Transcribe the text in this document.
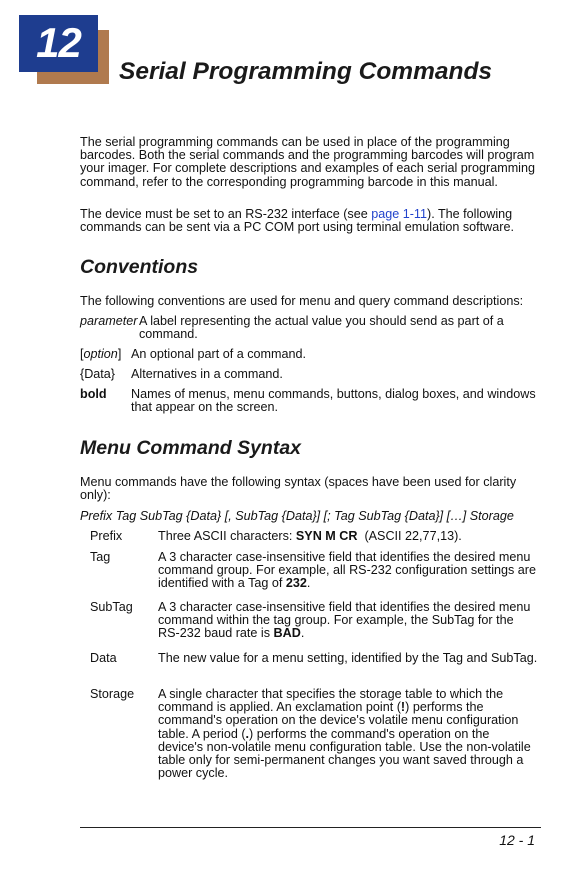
12
Serial Programming Commands

The serial programming commands can be used in place of the programming barcodes. Both the serial commands and the programming barcodes will program your imager. For complete descriptions and examples of each serial programming command, refer to the corresponding programming barcode in this manual.

The device must be set to an RS-232 interface (see page 1-11). The following commands can be sent via a PC COM port using terminal emulation software.

Conventions

The following conventions are used for menu and query command descriptions:

parameter A label representing the actual value you should send as part of a command.
[option] An optional part of a command.
{Data} Alternatives in a command.
bold Names of menus, menu commands, buttons, dialog boxes, and windows that appear on the screen.
Menu Command Syntax

Menu commands have the following syntax (spaces have been used for clarity only):

Prefix Tag SubTag {Data} [, SubTag {Data}] [; Tag SubTag {Data}] […] Storage
Prefix	Three ASCII characters: SYN M CR  (ASCII 22,77,13).
Tag	A 3 character case-insensitive field that identifies the desired menu command group. For example, all RS-232 configuration settings are identified with a Tag of 232.
SubTag A 3 character case-insensitive field that identifies the desired menu command within the tag group. For example, the SubTag for the RS-232 baud rate is BAD.
Data	The new value for a menu setting, identified by the Tag and SubTag.
Storage A single character that specifies the storage table to which the command is applied. An exclamation point (!) performs the command's operation on the device's volatile menu configuration table. A period (.) performs the command's operation on the device's non-volatile menu configuration table. Use the non-volatile table only for semi-permanent changes you want saved through a power cycle.
12 - 1
